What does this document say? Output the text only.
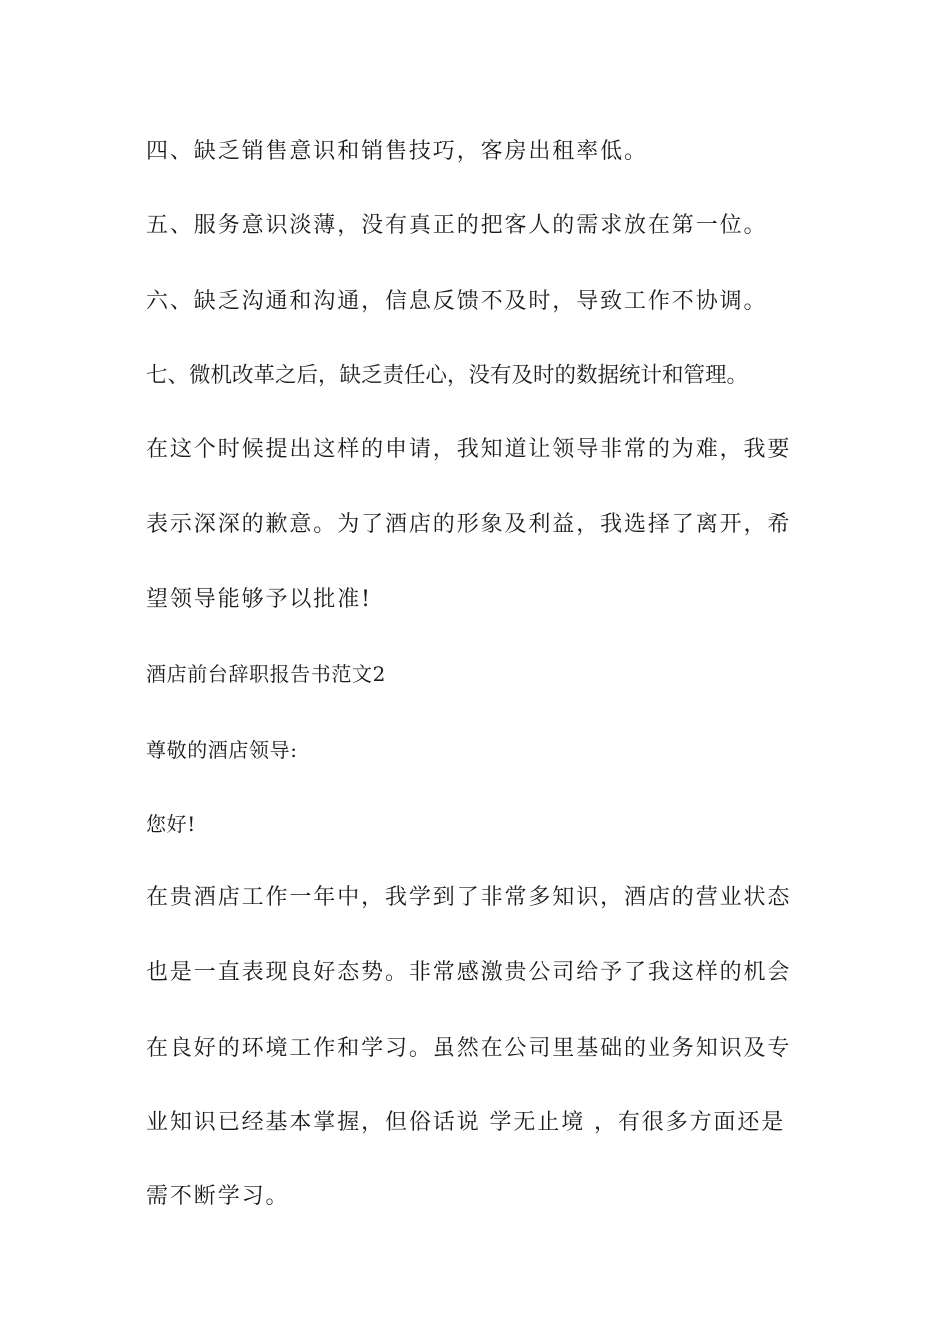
四、缺乏销售意识和销售技巧，客房出租率低。

五、服务意识淡薄，没有真正的把客人的需求放在第一位。

六、缺乏沟通和沟通，信息反馈不及时，导致工作不协调。

七、微机改革之后，缺乏责任心，没有及时的数据统计和管理。

在这个时候提出这样的申请，我知道让领导非常的为难，我要

表示深深的歉意。为了酒店的形象及利益，我选择了离开，希

望领导能够予以批准!

酒店前台辞职报告书范文2

尊敬的酒店领导:

您好!

在贵酒店工作一年中，我学到了非常多知识，酒店的营业状态

也是一直表现良好态势。非常感激贵公司给予了我这样的机会

在良好的环境工作和学习。虽然在公司里基础的业务知识及专

业知识已经基本掌握，但俗话说 学无止境 ，有很多方面还是

需不断学习。
